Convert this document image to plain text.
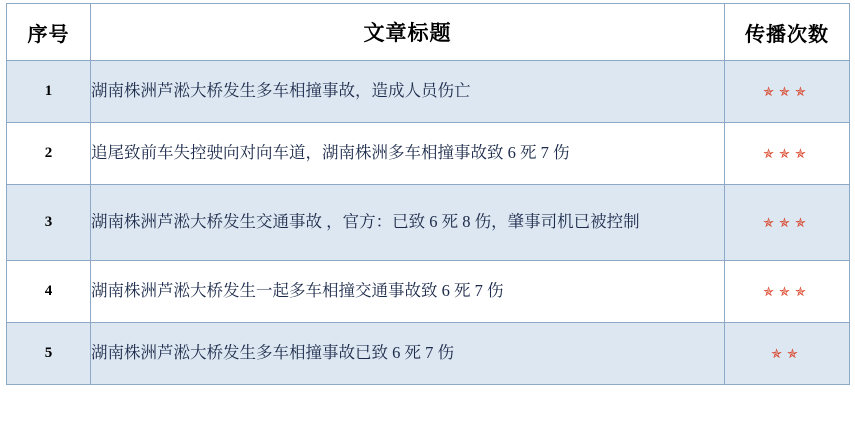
序号	文章标题	传播次数
1	湖南株洲芦淞大桥发生多车相撞事故，造成人员伤亡	✯✯✯
2	追尾致前车失控驶向对向车道，湖南株洲多车相撞事故致 6 死 7 伤	✯✯✯
3	湖南株洲芦淞大桥发生交通事故 ，官方：已致 6 死 8 伤，肇事司机已被控制	✯✯✯
4	湖南株洲芦淞大桥发生一起多车相撞交通事故致 6 死 7 伤	✯✯✯
5	湖南株洲芦淞大桥发生多车相撞事故已致 6 死 7 伤	✯✯
